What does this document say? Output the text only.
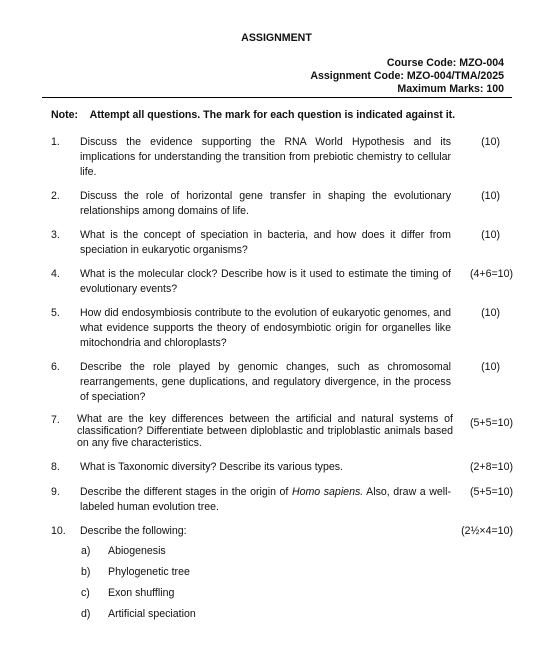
ASSIGNMENT
Course Code: MZO-004
Assignment Code: MZO-004/TMA/2025
Maximum Marks: 100
Note: Attempt all questions. The mark for each question is indicated against it.
1. Discuss the evidence supporting the RNA World Hypothesis and its implications for understanding the transition from prebiotic chemistry to cellular life.
(10)
2. Discuss the role of horizontal gene transfer in shaping the evolutionary relationships among domains of life.
(10)
3. What is the concept of speciation in bacteria, and how does it differ from speciation in eukaryotic organisms?
(10)
4. What is the molecular clock? Describe how is it used to estimate the timing of evolutionary events?
(4+6=10)
5. How did endosymbiosis contribute to the evolution of eukaryotic genomes, and what evidence supports the theory of endosymbiotic origin for organelles like mitochondria and chloroplasts?
(10)
6. Describe the role played by genomic changes, such as chromosomal rearrangements, gene duplications, and regulatory divergence, in the process of speciation?
(10)
7. What are the key differences between the artificial and natural systems of classification? Differentiate between diploblastic and triploblastic animals based on any five characteristics.
(5+5=10)
8. What is Taxonomic diversity? Describe its various types.	(2+8=10)
9. Describe the different stages in the origin of Homo sapiens. Also, draw a well-labeled human evolution tree.
(5+5=10)
10. Describe the following:	(2½×4=10)
a) Abiogenesis
b) Phylogenetic tree
c) Exon shuffling
d) Artificial speciation
